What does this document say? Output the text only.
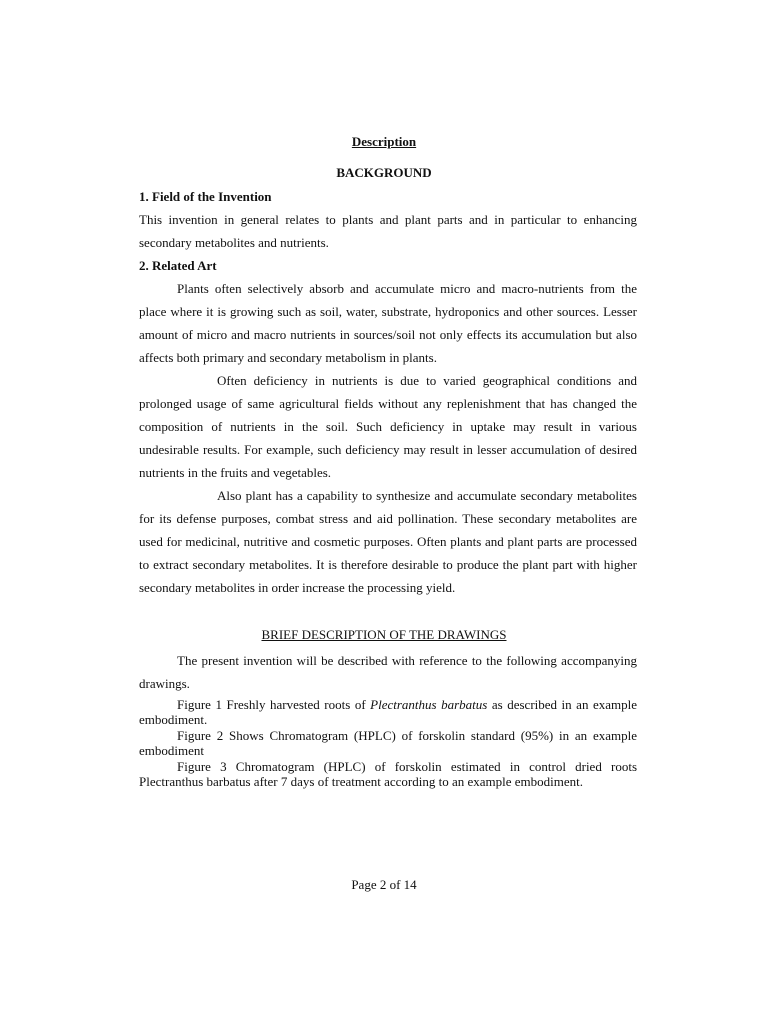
Description
BACKGROUND

1. Field of the Invention

This invention in general relates to plants and plant parts and in particular to enhancing secondary metabolites and nutrients.

2. Related Art

Plants often selectively absorb and accumulate micro and macro-nutrients from the place where it is growing such as soil, water, substrate, hydroponics and other sources. Lesser amount of micro and macro nutrients in sources/soil not only effects its accumulation but also affects both primary and secondary metabolism in plants.

Often deficiency in nutrients is due to varied geographical conditions and prolonged usage of same agricultural fields without any replenishment that has changed the composition of nutrients in the soil. Such deficiency in uptake may result in various undesirable results. For example, such deficiency may result in lesser accumulation of desired nutrients in the fruits and vegetables.

Also plant has a capability to synthesize and accumulate secondary metabolites for its defense purposes, combat stress and aid pollination. These secondary metabolites are used for medicinal, nutritive and cosmetic purposes. Often plants and plant parts are processed to extract secondary metabolites. It is therefore desirable to produce the plant part with higher secondary metabolites in order increase the processing yield.

BRIEF DESCRIPTION OF THE DRAWINGS

The present invention will be described with reference to the following accompanying drawings.

Figure 1 Freshly harvested roots of Plectranthus barbatus as described in an example embodiment.

Figure 2 Shows Chromatogram (HPLC) of forskolin standard (95%) in an example embodiment

Figure 3 Chromatogram (HPLC) of forskolin estimated in control dried roots Plectranthus barbatus after 7 days of treatment according to an example embodiment.

Page 2 of 14
